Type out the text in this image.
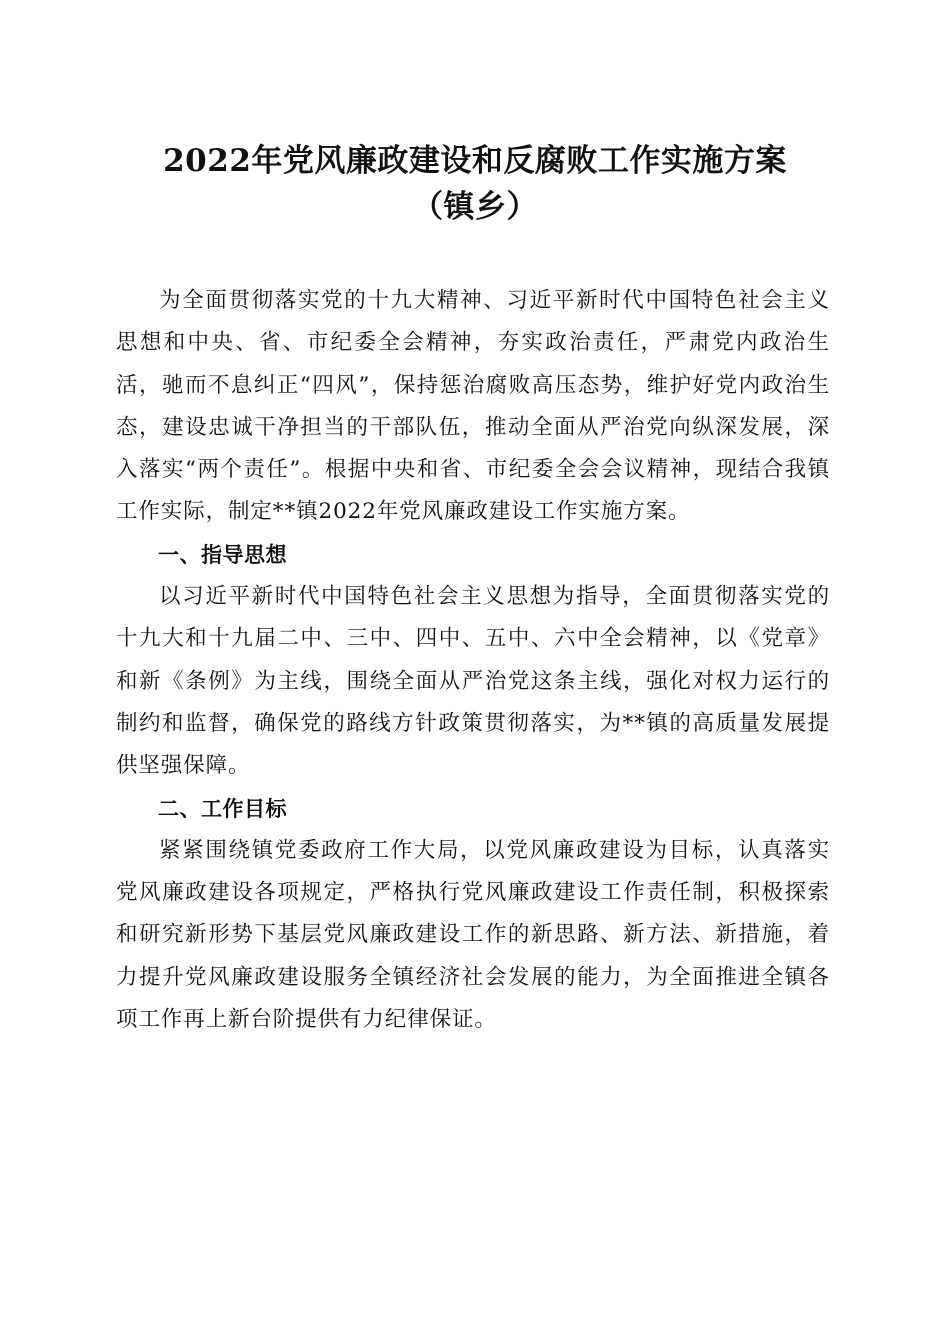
2022年党风廉政建设和反腐败工作实施方案
（镇乡）

为全面贯彻落实党的十九大精神、习近平新时代中国特色社会主义思想和中央、省、市纪委全会精神，夯实政治责任，严肃党内政治生活，驰而不息纠正“四风”，保持惩治腐败高压态势，维护好党内政治生态，建设忠诚干净担当的干部队伍，推动全面从严治党向纵深发展，深入落实“两个责任”。根据中央和省、市纪委全会会议精神，现结合我镇工作实际，制定**镇2022年党风廉政建设工作实施方案。

一、指导思想

以习近平新时代中国特色社会主义思想为指导，全面贯彻落实党的十九大和十九届二中、三中、四中、五中、六中全会精神，以《党章》和新《条例》为主线，围绕全面从严治党这条主线，强化对权力运行的制约和监督，确保党的路线方针政策贯彻落实，为**镇的高质量发展提供坚强保障。

二、工作目标

紧紧围绕镇党委政府工作大局，以党风廉政建设为目标，认真落实党风廉政建设各项规定，严格执行党风廉政建设工作责任制，积极探索和研究新形势下基层党风廉政建设工作的新思路、新方法、新措施，着力提升党风廉政建设服务全镇经济社会发展的能力，为全面推进全镇各项工作再上新台阶提供有力纪律保证。
